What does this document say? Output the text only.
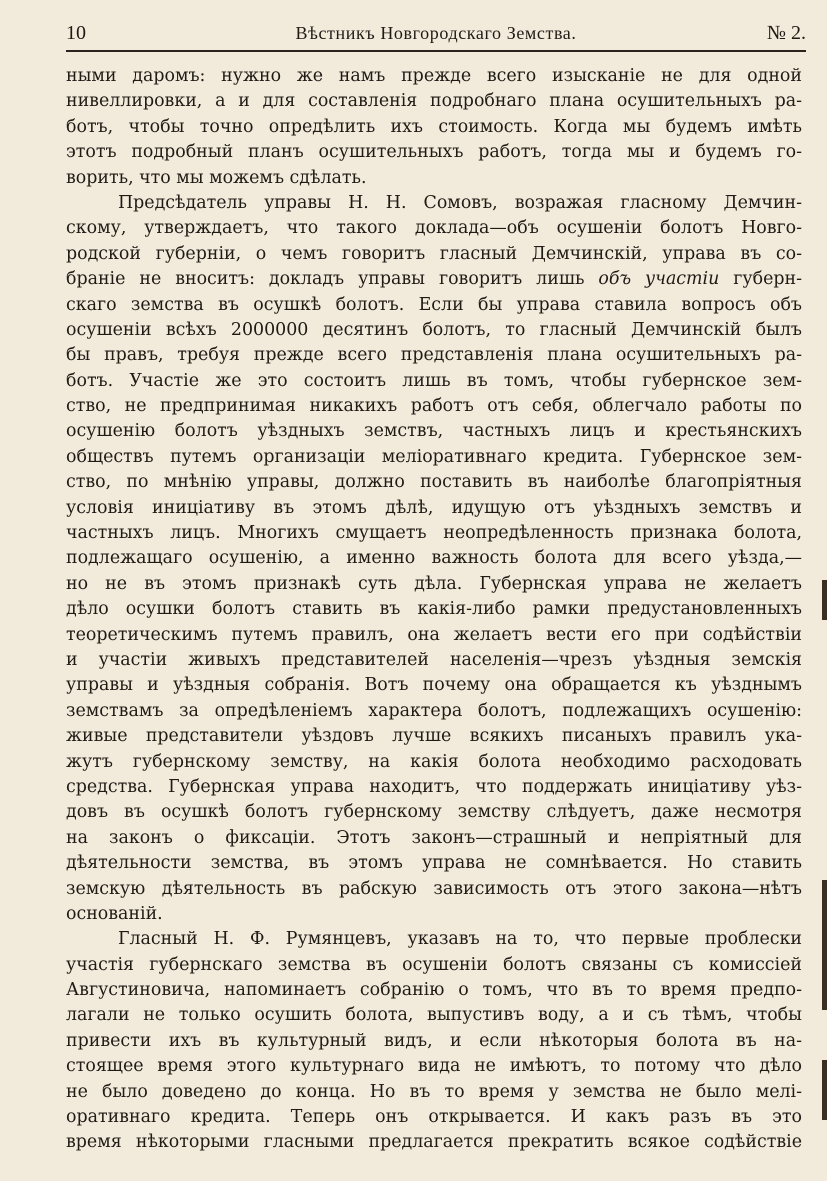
10	Вѣстникъ Новгородскаго Земства.	№ 2.
ными даромъ: нужно же намъ прежде всего изысканіе не для одной
нивеллировки, а и для составленія подробнаго плана осушительныхъ ра-
ботъ, чтобы точно опредѣлить ихъ стоимость. Когда мы будемъ имѣть
этотъ подробный планъ осушительныхъ работъ, тогда мы и будемъ го-
ворить, что мы можемъ сдѣлать.
Предсѣдатель управы Н. Н. Сомовъ, возражая гласному Демчин-
скому, утверждаетъ, что такого доклада—объ осушеніи болотъ Новго-
родской губерніи, о чемъ говоритъ гласный Демчинскій, управа въ со-
браніе не вноситъ: докладъ управы говоритъ лишь объ участіи губерн-
скаго земства въ осушкѣ болотъ. Если бы управа ставила вопросъ объ
осушеніи всѣхъ 2000000 десятинъ болотъ, то гласный Демчинскій былъ
бы правъ, требуя прежде всего представленія плана осушительныхъ ра-
ботъ. Участіе же это состоитъ лишь въ томъ, чтобы губернское зем-
ство, не предпринимая никакихъ работъ отъ себя, облегчало работы по
осушенію болотъ уѣздныхъ земствъ, частныхъ лицъ и крестьянскихъ
обществъ путемъ организаціи меліоративнаго кредита. Губернское зем-
ство, по мнѣнію управы, должно поставить въ наиболѣе благопріятныя
условія иниціативу въ этомъ дѣлѣ, идущую отъ уѣздныхъ земствъ и
частныхъ лицъ. Многихъ смущаетъ неопредѣленность признака болота,
подлежащаго осушенію, а именно важность болота для всего уѣзда,—
но не въ этомъ признакѣ суть дѣла. Губернская управа не желаетъ
дѣло осушки болотъ ставить въ какія-либо рамки предустановленныхъ
теоретическимъ путемъ правилъ, она желаетъ вести его при содѣйствіи
и участіи живыхъ представителей населенія—чрезъ уѣздныя земскія
управы и уѣздныя собранія. Вотъ почему она обращается къ уѣзднымъ
земствамъ за опредѣленіемъ характера болотъ, подлежащихъ осушенію:
живые представители уѣздовъ лучше всякихъ писаныхъ правилъ ука-
жутъ губернскому земству, на какія болота необходимо расходовать
средства. Губернская управа находитъ, что поддержать иниціативу уѣз-
довъ въ осушкѣ болотъ губернскому земству слѣдуетъ, даже несмотря
на законъ о фиксаціи. Этотъ законъ—страшный и непріятный для
дѣятельности земства, въ этомъ управа не сомнѣвается. Но ставить
земскую дѣятельность въ рабскую зависимость отъ этого закона—нѣтъ
основаній.
Гласный Н. Ф. Румянцевъ, указавъ на то, что первые проблески
участія губернскаго земства въ осушеніи болотъ связаны съ комиссіей
Августиновича, напоминаетъ собранію о томъ, что въ то время предпо-
лагали не только осушить болота, выпустивъ воду, а и съ тѣмъ, чтобы
привести ихъ въ культурный видъ, и если нѣкоторыя болота въ на-
стоящее время этого культурнаго вида не имѣютъ, то потому что дѣло
не было доведено до конца. Но въ то время у земства не было мелі-
оративнаго кредита. Теперь онъ открывается. И какъ разъ въ это
время нѣкоторыми гласными предлагается прекратить всякое содѣйствіе
